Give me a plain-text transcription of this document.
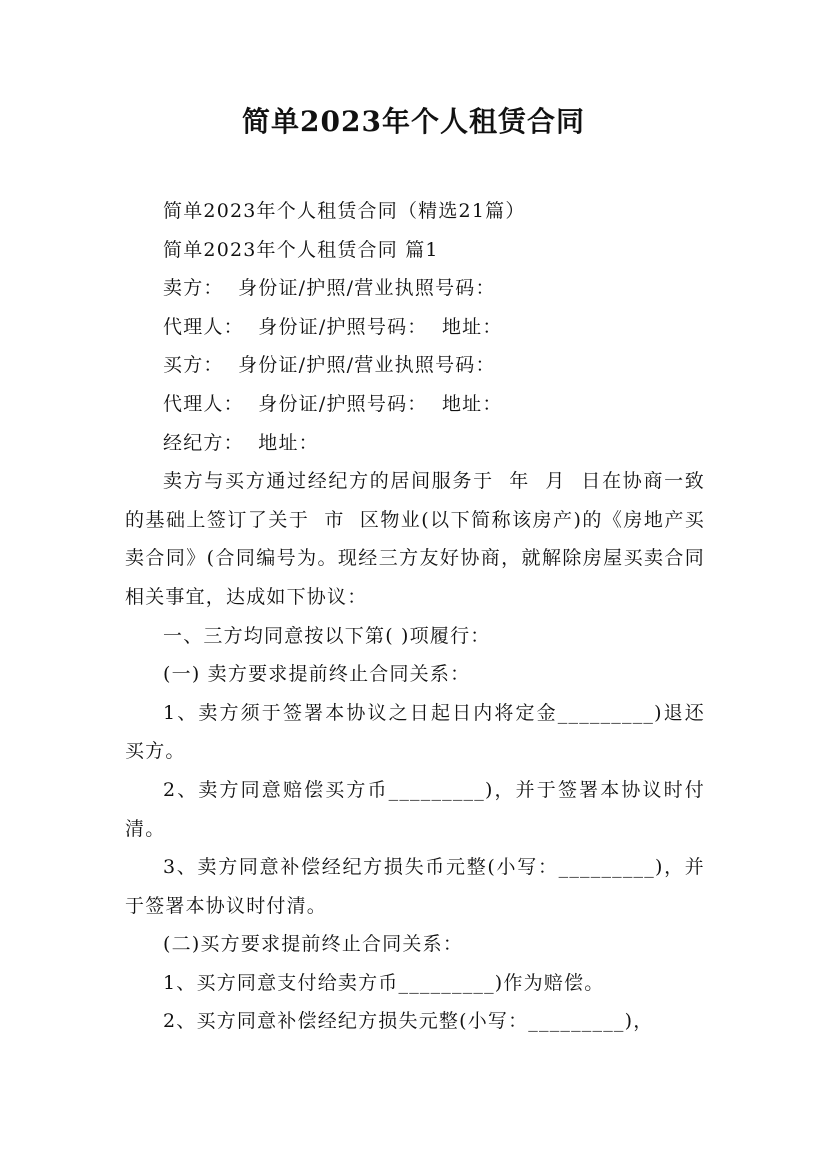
简单2023年个人租赁合同

简单2023年个人租赁合同（精选21篇）

简单2023年个人租赁合同 篇1

卖方：  身份证/护照/营业执照号码：

代理人：  身份证/护照号码：  地址：

买方：  身份证/护照/营业执照号码：

代理人：  身份证/护照号码：  地址：

经纪方：  地址：

卖方与买方通过经纪方的居间服务于  年  月  日在协商一致的基础上签订了关于  市  区物业(以下简称该房产)的《房地产买卖合同》(合同编号为。现经三方友好协商，就解除房屋买卖合同相关事宜，达成如下协议：

一、三方均同意按以下第( )项履行：

(一) 卖方要求提前终止合同关系：

1、卖方须于签署本协议之日起日内将定金_________)退还买方。

2、卖方同意赔偿买方币_________)，并于签署本协议时付清。

3、卖方同意补偿经纪方损失币元整(小写：_________)，并于签署本协议时付清。

(二)买方要求提前终止合同关系：

1、买方同意支付给卖方币_________)作为赔偿。

2、买方同意补偿经纪方损失元整(小写：_________)，
